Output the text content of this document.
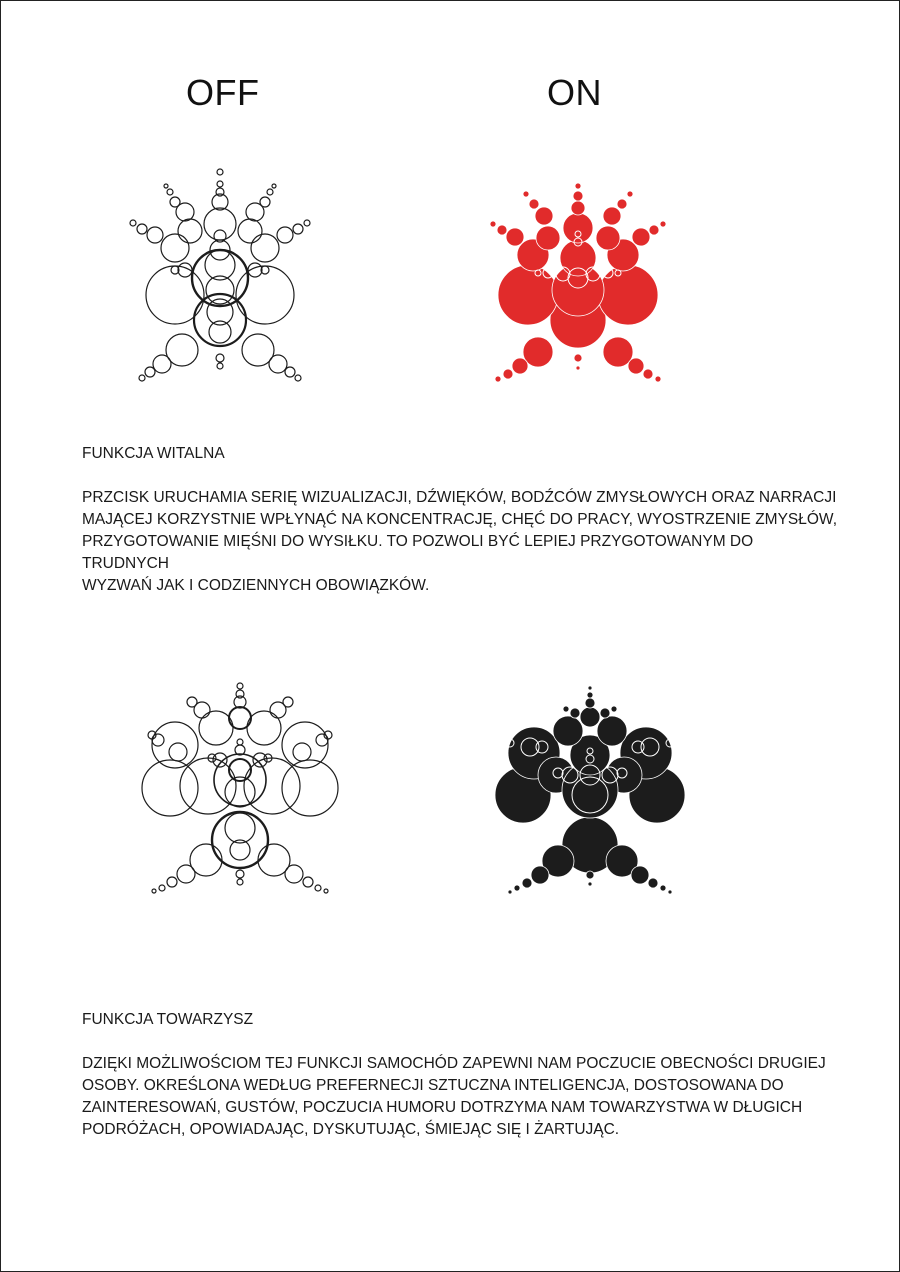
OFF	ON
FUNKCJA WITALNA
PRZCISK URUCHAMIA SERIĘ WIZUALIZACJI, DŹWIĘKÓW, BODŹCÓW ZMYSŁOWYCH ORAZ NARRACJI
MAJĄCEJ KORZYSTNIE WPŁYNĄĆ NA KONCENTRACJĘ, CHĘĆ DO PRACY, WYOSTRZENIE ZMYSŁÓW,
PRZYGOTOWANIE MIĘŚNI DO WYSIŁKU. TO POZWOLI BYĆ LEPIEJ PRZYGOTOWANYM DO TRUDNYCH
WYZWAŃ JAK I CODZIENNYCH OBOWIĄZKÓW.
FUNKCJA TOWARZYSZ
DZIĘKI MOŻLIWOŚCIOM TEJ FUNKCJI SAMOCHÓD ZAPEWNI NAM POCZUCIE OBECNOŚCI DRUGIEJ
OSOBY. OKREŚLONA WEDŁUG PREFERNECJI SZTUCZNA INTELIGENCJA, DOSTOSOWANA DO
ZAINTERESOWAŃ, GUSTÓW, POCZUCIA HUMORU DOTRZYMA NAM TOWARZYSTWA W DŁUGICH
PODRÓŻACH, OPOWIADAJĄC, DYSKUTUJĄC, ŚMIEJĄC SIĘ I ŻARTUJĄC.
